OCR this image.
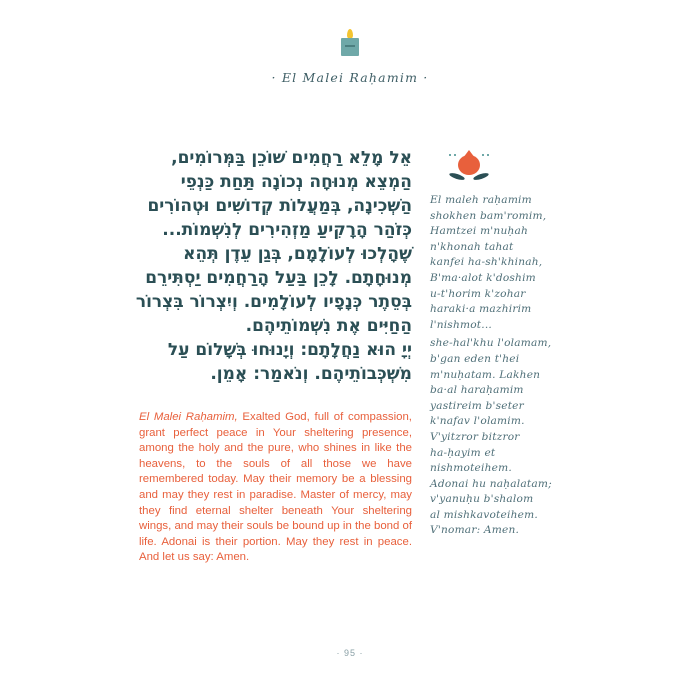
· El Malei Raḥamim ·
אֵל מָלֵא רַחֲמִים שׁוֹכֵן בַּמְּרוֹמִים,
הַמְצֵא מְנוּחָה נְכוֹנָה תַּחַת כַּנְפֵי
הַשְּׁכִינָה, בְּמַעֲלוֹת קְדוֹשִׁים וּטְהוֹרִים
כְּזֹהַר הָרָקִיעַ מַזְהִירִים לְנִשְׁמוֹת...
שֶׁהָלְכוּ לְעוֹלָמָם, בְּגַן עֵדֶן תְּהֵא
מְנוּחָתָם. לָכֵן בַּעַל הָרַחֲמִים יַסְתִּירֵם
בְּסֵתֶר כְּנָפָיו לְעוֹלָמִים. וְיִצְרוֹר בִּצְרוֹר
הַחַיִּים אֶת נִשְׁמוֹתֵיהֶם.
יְיָ הוּא נַחֲלָתָם: וְיָנוּחוּ בְּשָׁלוֹם עַל
מִשְׁכְּבוֹתֵיהֶם. וְנֹאמַר: אָמֵן.
El Malei Raḥamim, Exalted God, full of compassion, grant perfect peace in Your sheltering presence, among the holy and the pure, who shines in like the heavens, to the souls of all those we have remembered today. May their memory be a blessing and may they rest in paradise. Master of mercy, may they find eternal shelter beneath Your sheltering wings, and may their souls be bound up in the bond of life. Adonai is their portion. May they rest in peace. And let us say: Amen.
El maleh raḥamim
shokhen bam'romim,
Hamtzei m'nuḥah
n'khonah tahat
kanfei ha-sh'khinah,
B'ma·alot k'doshim
u-t'horim k'zohar
haraki·a mazhirim
l'nishmot...
she-hal'khu l'olamam,
b'gan eden t'hei
m'nuḥatam. Lakhen
ba·al haraḥamim
yastireim b'seter
k'nafav l'olamim.
V'yitzror bitzror
ha-ḥayim et
nishmoteihem.
Adonai hu naḥalatam;
v'yanuḥu b'shalom
al mishkavoteihem.
V'nomar: Amen.
· 95 ·
